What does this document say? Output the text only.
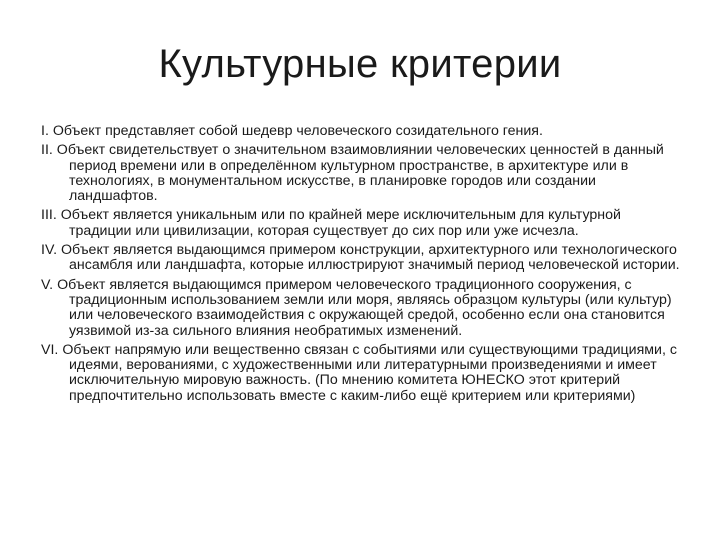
Культурные критерии
I. Объект представляет собой шедевр человеческого созидательного гения.
II. Объект свидетельствует о значительном взаимовлиянии человеческих ценностей в данный период времени или в определённом культурном пространстве, в архитектуре или в технологиях, в монументальном искусстве, в планировке городов или создании ландшафтов.
III. Объект является уникальным или по крайней мере исключительным для культурной традиции или цивилизации, которая существует до сих пор или уже исчезла.
IV. Объект является выдающимся примером конструкции, архитектурного или технологического ансамбля или ландшафта, которые иллюстрируют значимый период человеческой истории.
V. Объект является выдающимся примером человеческого традиционного сооружения, с традиционным использованием земли или моря, являясь образцом культуры (или культур) или человеческого взаимодействия с окружающей средой, особенно если она становится уязвимой из-за сильного влияния необратимых изменений.
VI. Объект напрямую или вещественно связан с событиями или существующими традициями, с идеями, верованиями, с художественными или литературными произведениями и имеет исключительную мировую важность. (По мнению комитета ЮНЕСКО этот критерий предпочтительно использовать вместе с каким-либо ещё критерием или критериями)
